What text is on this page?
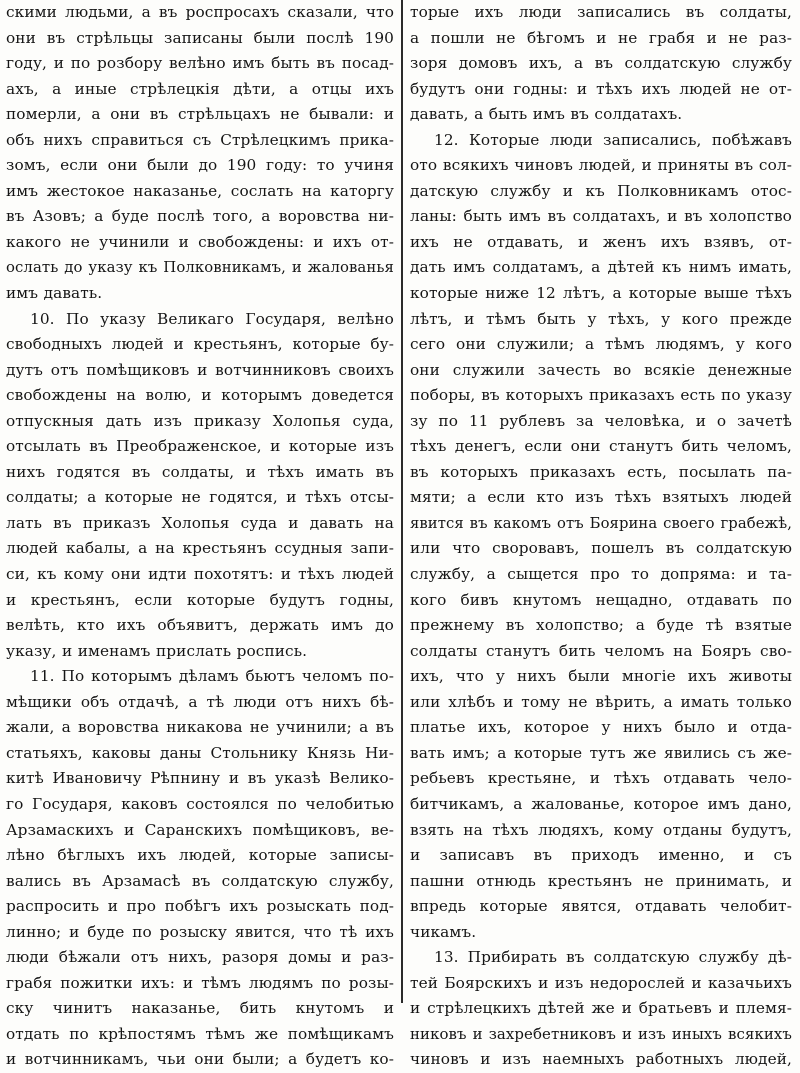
скими людьми, а въ роспросахъ сказали, что
они въ стрѣльцы записаны были послѣ 190
году, и по розбору велѣно имъ быть въ посад-
ахъ, а иные стрѣлецкія дѣти, а отцы ихъ
померли, а они въ стрѣльцахъ не бывали: и
объ нихъ справиться съ Стрѣлецкимъ прика-
зомъ, если они были до 190 году: то учиня
имъ жестокое наказанье, сослать на каторгу
въ Азовъ; а буде послѣ того, а воровства ни-
какого не учинили и свобождены: и ихъ от-
ослать до указу къ Полковникамъ, и жалованья
имъ давать.
10. По указу Великаго Государя, велѣно
свободныхъ людей и крестьянъ, которые бу-
дутъ отъ помѣщиковъ и вотчинниковъ своихъ
свобождены на волю, и которымъ доведется
отпускныя дать изъ приказу Холопья суда,
отсылать въ Преображенское, и которые изъ
нихъ годятся въ солдаты, и тѣхъ имать въ
солдаты; а которые не годятся, и тѣхъ отсы-
лать въ приказъ Холопья суда и давать на
людей кабалы, а на крестьянъ ссудныя запи-
си, къ кому они идти похотятъ: и тѣхъ людей
и крестьянъ, если которые будутъ годны,
велѣть, кто ихъ объявитъ, держать имъ до
указу, и именамъ прислать роспись.
11. По которымъ дѣламъ бьютъ челомъ по-
мѣщики объ отдачѣ, а тѣ люди отъ нихъ бѣ-
жали, а воровства никакова не учинили; а въ
статьяхъ, каковы даны Стольнику Князь Ни-
китѣ Ивановичу Рѣпнину и въ указѣ Велико-
го Государя, каковъ состоялся по челобитью
Арзамаскихъ и Саранскихъ помѣщиковъ, ве-
лѣно бѣглыхъ ихъ людей, которые записы-
вались въ Арзамасѣ въ солдатскую службу,
распросить и про побѣгъ ихъ розыскать под-
линно; и буде по розыску явится, что тѣ ихъ
люди бѣжали отъ нихъ, разоря домы и раз-
грабя пожитки ихъ: и тѣмъ людямъ по розы-
ску чинитъ наказанье, бить кнутомъ и
отдать по крѣпостямъ тѣмъ же помѣщикамъ
и вотчинникамъ, чьи они были; а будетъ ко-
торые ихъ люди записались въ солдаты,
а пошли не бѣгомъ и не грабя и не раз-
зоря домовъ ихъ, а въ солдатскую службу
будутъ они годны: и тѣхъ ихъ людей не от-
давать, а быть имъ въ солдатахъ.
12. Которые люди записались, побѣжавъ
ото всякихъ чиновъ людей, и приняты въ сол-
датскую службу и къ Полковникамъ отос-
ланы: быть имъ въ солдатахъ, и въ холопство
ихъ не отдавать, и женъ ихъ взявъ, от-
дать имъ солдатамъ, а дѣтей къ нимъ имать,
которые ниже 12 лѣтъ, а которые выше тѣхъ
лѣтъ, и тѣмъ быть у тѣхъ, у кого прежде
сего они служили; а тѣмъ людямъ, у кого
они служили зачесть во всякіе денежные
поборы, въ которыхъ приказахъ есть по указу
зу по 11 рублевъ за человѣка, и о зачетѣ
тѣхъ денегъ, если они станутъ бить челомъ,
въ которыхъ приказахъ есть, посылать па-
мяти; а если кто изъ тѣхъ взятыхъ людей
явится въ какомъ отъ Боярина своего грабежѣ,
или что своровавъ, пошелъ въ солдатскую
службу, а сыщется про то допряма: и та-
кого бивъ кнутомъ нещадно, отдавать по
прежнему въ холопство; а буде тѣ взятые
солдаты станутъ бить челомъ на Бояръ сво-
ихъ, что у нихъ были многіе ихъ животы
или хлѣбъ и тому не вѣрить, а имать только
платье ихъ, которое у нихъ было и отда-
вать имъ; а которые тутъ же явились съ же-
ребьевъ крестьяне, и тѣхъ отдавать чело-
битчикамъ, а жалованье, которое имъ дано,
взять на тѣхъ людяхъ, кому отданы будутъ,
и записавъ въ приходъ именно, и съ
пашни отнюдь крестьянъ не принимать, и
впредь которые явятся, отдавать челобит-
чикамъ.
13. Прибирать въ солдатскую службу дѣ-
тей Боярскихъ и изъ недорослей и казачьихъ
и стрѣлецкихъ дѣтей же и братьевъ и племя-
никовъ и захребетниковъ и изъ иныхъ всякихъ
чиновъ и изъ наемныхъ работныхъ людей,
